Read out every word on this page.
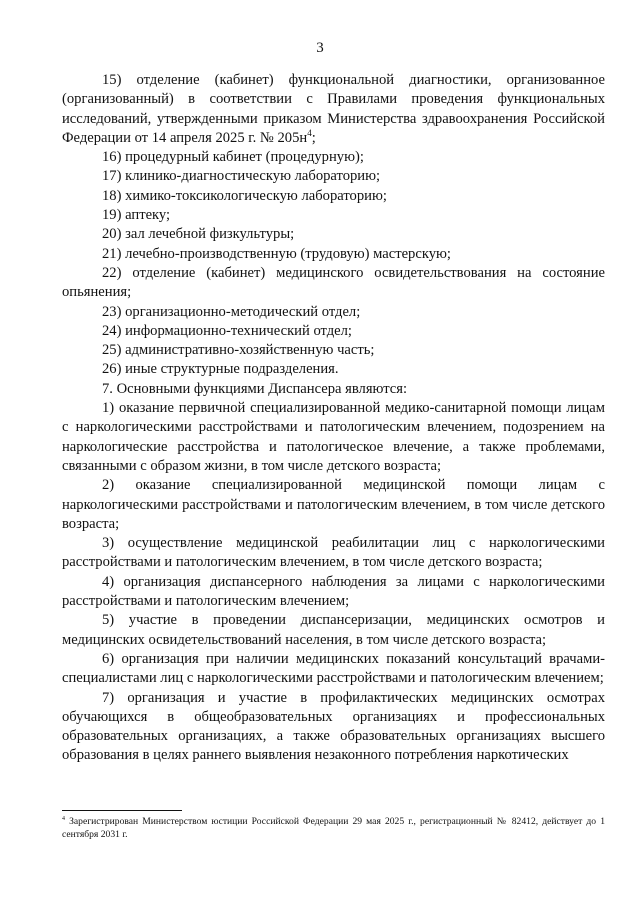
3

15) отделение (кабинет) функциональной диагностики, организованное (организованный) в соответствии с Правилами проведения функциональных исследований, утвержденными приказом Министерства здравоохранения Российской Федерации от 14 апреля 2025 г. № $205н^4$;

16) процедурный кабинет (процедурную);

17) клинико-диагностическую лабораторию;

18) химико-токсикологическую лабораторию;

19) аптеку;

20) зал лечебной физкультуры;

21) лечебно-производственную (трудовую) мастерскую;

22) отделение (кабинет) медицинского освидетельствования на состояние опьянения;

23) организационно-методический отдел;

24) информационно-технический отдел;

25) административно-хозяйственную часть;

26) иные структурные подразделения.

7. Основными функциями Диспансера являются:

1) оказание первичной специализированной медико-санитарной помощи лицам с наркологическими расстройствами и патологическим влечением, подозрением на наркологические расстройства и патологическое влечение, а также проблемами, связанными с образом жизни, в том числе детского возраста;

2) оказание специализированной медицинской помощи лицам с наркологическими расстройствами и патологическим влечением, в том числе детского возраста;

3) осуществление медицинской реабилитации лиц с наркологическими расстройствами и патологическим влечением, в том числе детского возраста;

4) организация диспансерного наблюдения за лицами с наркологическими расстройствами и патологическим влечением;

5) участие в проведении диспансеризации, медицинских осмотров и медицинских освидетельствований населения, в том числе детского возраста;

6) организация при наличии медицинских показаний консультаций врачами-специалистами лиц с наркологическими расстройствами и патологическим влечением;

7) организация и участие в профилактических медицинских осмотрах обучающихся в общеобразовательных организациях и профессиональных образовательных организациях, а также образовательных организациях высшего образования в целях раннего выявления незаконного потребления наркотических

$^4$ Зарегистрирован Министерством юстиции Российской Федерации 29 мая 2025 г., регистрационный № 82412, действует до 1 сентября 2031 г.
